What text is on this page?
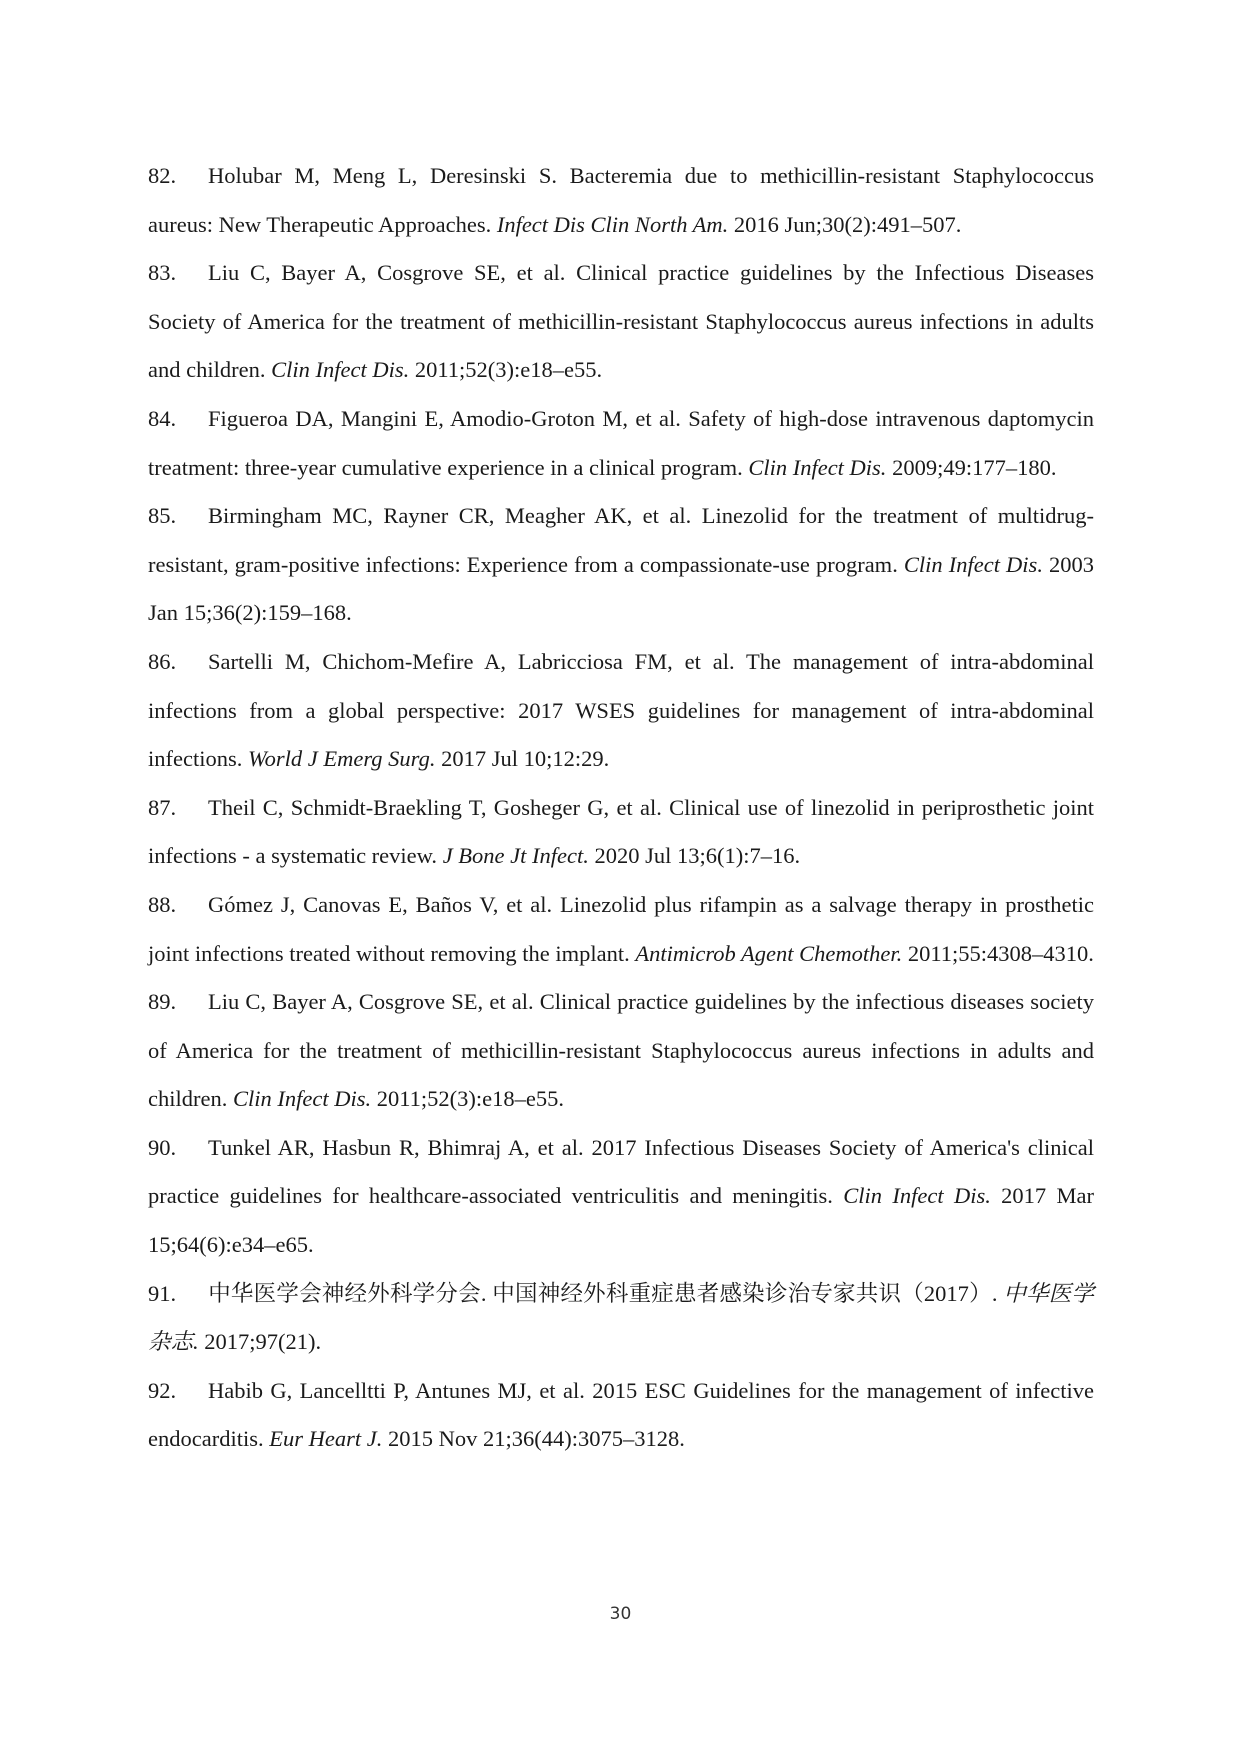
82. Holubar M, Meng L, Deresinski S. Bacteremia due to methicillin-resistant Staphylococcus aureus: New Therapeutic Approaches. Infect Dis Clin North Am. 2016 Jun;30(2):491–507.

83. Liu C, Bayer A, Cosgrove SE, et al. Clinical practice guidelines by the Infectious Diseases Society of America for the treatment of methicillin-resistant Staphylococcus aureus infections in adults and children. Clin Infect Dis. 2011;52(3):e18–e55.

84. Figueroa DA, Mangini E, Amodio-Groton M, et al. Safety of high-dose intravenous daptomycin treatment: three-year cumulative experience in a clinical program. Clin Infect Dis. 2009;49:177–180.

85. Birmingham MC, Rayner CR, Meagher AK, et al. Linezolid for the treatment of multidrug-resistant, gram-positive infections: Experience from a compassionate-use program. Clin Infect Dis. 2003 Jan 15;36(2):159–168.

86. Sartelli M, Chichom-Mefire A, Labricciosa FM, et al. The management of intra-abdominal infections from a global perspective: 2017 WSES guidelines for management of intra-abdominal infections. World J Emerg Surg. 2017 Jul 10;12:29.

87. Theil C, Schmidt-Braekling T, Gosheger G, et al. Clinical use of linezolid in periprosthetic joint infections - a systematic review. J Bone Jt Infect. 2020 Jul 13;6(1):7–16.

88. Gómez J, Canovas E, Baños V, et al. Linezolid plus rifampin as a salvage therapy in prosthetic joint infections treated without removing the implant. Antimicrob Agent Chemother. 2011;55:4308–4310.

89. Liu C, Bayer A, Cosgrove SE, et al. Clinical practice guidelines by the infectious diseases society of America for the treatment of methicillin-resistant Staphylococcus aureus infections in adults and children. Clin Infect Dis. 2011;52(3):e18–e55.

90. Tunkel AR, Hasbun R, Bhimraj A, et al. 2017 Infectious Diseases Society of America's clinical practice guidelines for healthcare-associated ventriculitis and meningitis. Clin Infect Dis. 2017 Mar 15;64(6):e34–e65.

91. 中华医学会神经外科学分会. 中国神经外科重症患者感染诊治专家共识（2017）. 中华医学杂志. 2017;97(21).

92. Habib G, Lancelltti P, Antunes MJ, et al. 2015 ESC Guidelines for the management of infective endocarditis. Eur Heart J. 2015 Nov 21;36(44):3075–3128.

30
